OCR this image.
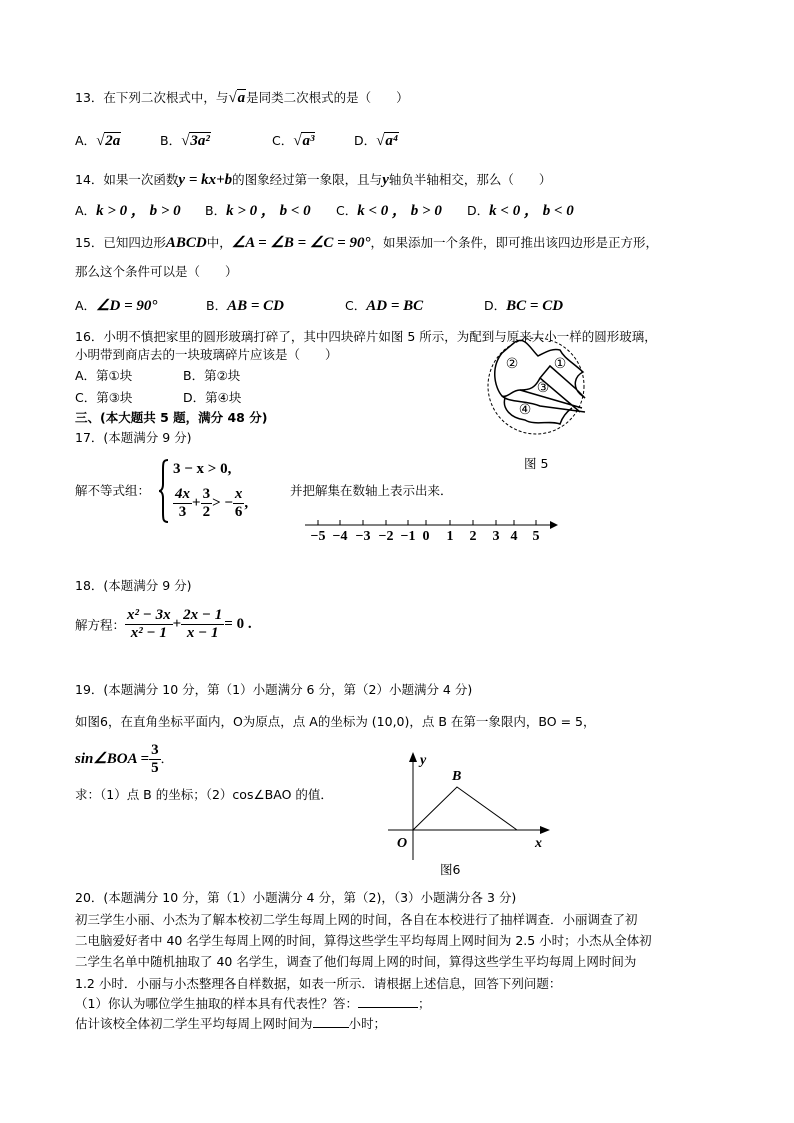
13．在下列二次根式中，与√a是同类二次根式的是（　　）
A．√2a	B．√3a²	C．√a³	D．√a⁴
14．如果一次函数y = kx+b的图象经过第一象限，且与y轴负半轴相交，那么（　　）
A．k > 0 ， b > 0 B．k > 0 ， b < 0 C．k < 0 ， b > 0 D．k < 0 ， b < 0
15．已知四边形ABCD中，∠A = ∠B = ∠C = 90°，如果添加一个条件，即可推出该四边形是正方形，
那么这个条件可以是（　　）
A．∠D = 90°	B．AB = CD	C．AD = BC	D．BC = CD
16．小明不慎把家里的圆形玻璃打碎了，其中四块碎片如图 5 所示，为配到与原来大小一样的圆形玻璃，
小明带到商店去的一块玻璃碎片应该是（　　）
A．第①块	B．第②块
C．第③块	D．第④块
①
②
③
④
图 5
三、(本大题共 5 题，满分 48 分)
17．(本题满分 9 分)
解不等式组：
3 − x > 0,
$\frac{4x}{3} + \frac{3}{2}$ > − $\frac{x}{6}$ ,
并把解集在数轴上表示出来．
−5 −4 −3 −2 −1 0 1 2 3 4 5
18．(本题满分 9 分)
解方程： $\frac{\text{x² − 3x}}{\text{x² − 1}} + \frac{2x - 1}{x - 1} = 0$ .
19．(本题满分 10 分，第（1）小题满分 6 分，第（2）小题满分 4 分)
如图6，在直角坐标平面内，O为原点，点 A的坐标为 (10,0)，点 B 在第一象限内，BO = 5，
sin∠BOA = $\frac{3}{5}$ ．
求：（1）点 B 的坐标；（2）cos∠BAO 的值．
O	x
y
B
图6
20．(本题满分 10 分，第（1）小题满分 4 分，第（2)，（3）小题满分各 3 分)
初三学生小丽、小杰为了解本校初二学生每周上网的时间，各自在本校进行了抽样调查．小丽调查了初
二电脑爱好者中 40 名学生每周上网的时间，算得这些学生平均每周上网时间为 2.5 小时；小杰从全体初
二学生名单中随机抽取了 40 名学生，调查了他们每周上网的时间，算得这些学生平均每周上网时间为
1.2 小时．小丽与小杰整理各自样数据，如表一所示．请根据上述信息，回答下列问题：
（1）你认为哪位学生抽取的样本具有代表性？答：	；
估计该校全体初二学生平均每周上网时间为	小时；
